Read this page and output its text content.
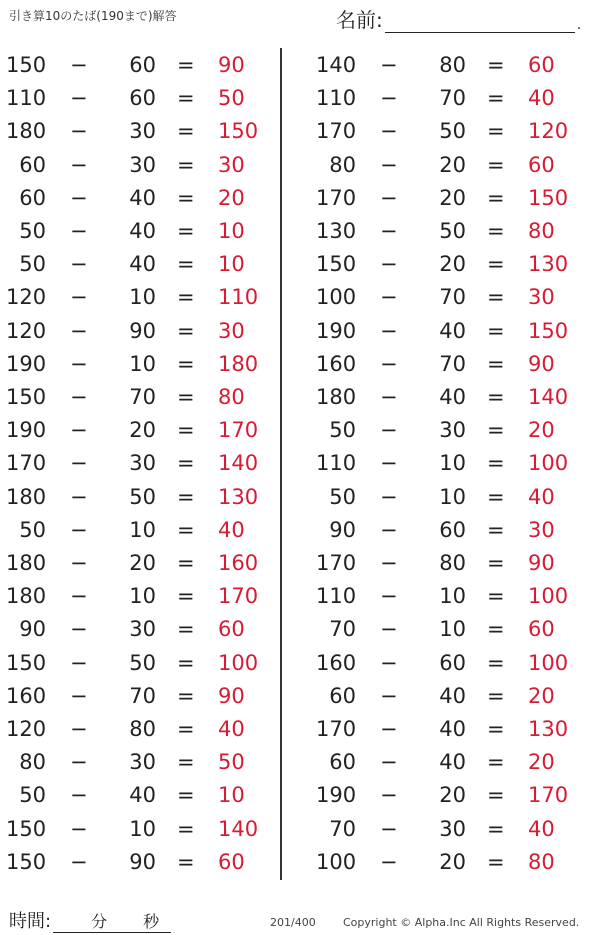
引き算10のたば(190まで)解答	名前:	.
150 −	60 = 90
110 −	60 = 50
180 −	30 = 150
60 −	30 = 30
60 −	40 = 20
50 −	40 = 10
50 −	40 = 10
120 −	10 = 110
120 −	90 = 30
190 −	10 = 180
150 −	70 = 80
190 −	20 = 170
170 −	30 = 140
180 −	50 = 130
50 −	10 = 40
180 −	20 = 160
180 −	10 = 170
90 −	30 = 60
150 −	50 = 100
160 −	70 = 90
120 −	80 = 40
80 −	30 = 50
50 −	40 = 10
150 −	10 = 140
150 −	90 = 60
140 −	80 = 60
110 −	70 = 40
170 −	50 = 120
80 −	20 = 60
170 −	20 = 150
130 −	50 = 80
150 −	20 = 130
100 −	70 = 30
190 −	40 = 150
160 −	70 = 90
180 −	40 = 140
50 −	30 = 20
110 −	10 = 100
50 −	10 = 40
90 −	60 = 30
170 −	80 = 90
110 −	10 = 100
70 −	10 = 60
160 −	60 = 100
60 −	40 = 20
170 −	40 = 130
60 −	40 = 20
190 −	20 = 170
70 −	30 = 40
100 −	20 = 80
時間:	分 秒	201/400 Copyright © Alpha.Inc All Rights Reserved.
